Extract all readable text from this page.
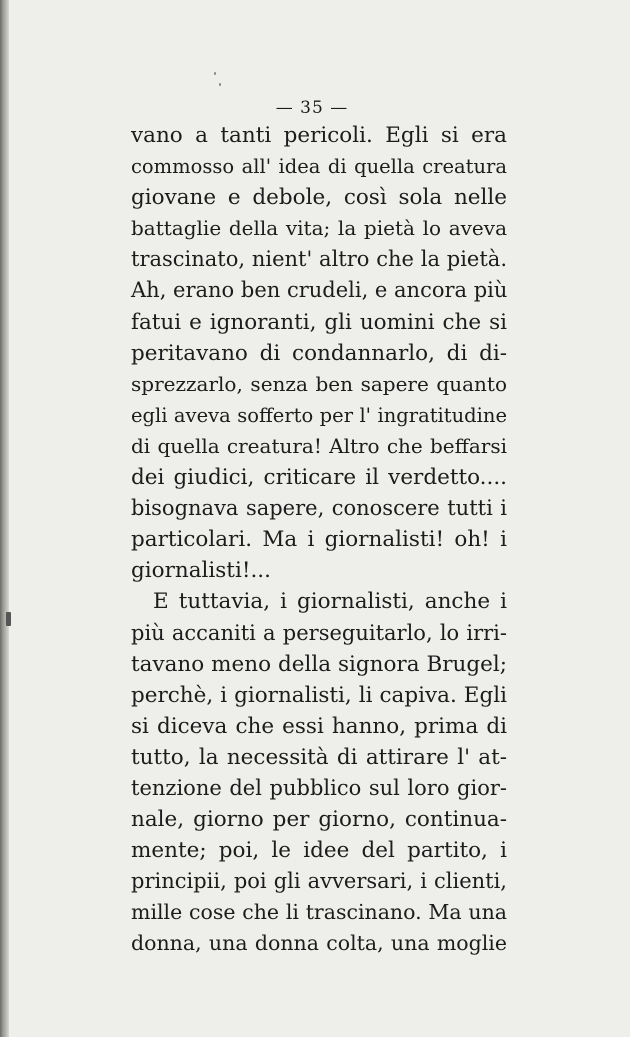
— 35 —
vano a tanti pericoli. Egli si era
commosso all' idea di quella creatura
giovane e debole, così sola nelle
battaglie della vita; la pietà lo aveva
trascinato, nient' altro che la pietà.
Ah, erano ben crudeli, e ancora più
fatui e ignoranti, gli uomini che si
peritavano di condannarlo, di di-
sprezzarlo, senza ben sapere quanto
egli aveva sofferto per l' ingratitudine
di quella creatura! Altro che beffarsi
dei giudici, criticare il verdetto....
bisognava sapere, conoscere tutti i
particolari. Ma i giornalisti! oh! i
giornalisti!...
E tuttavia, i giornalisti, anche i
più accaniti a perseguitarlo, lo irri-
tavano meno della signora Brugel;
perchè, i giornalisti, li capiva. Egli
si diceva che essi hanno, prima di
tutto, la necessità di attirare l' at-
tenzione del pubblico sul loro gior-
nale, giorno per giorno, continua-
mente; poi, le idee del partito, i
principii, poi gli avversari, i clienti,
mille cose che li trascinano. Ma una
donna, una donna colta, una moglie
